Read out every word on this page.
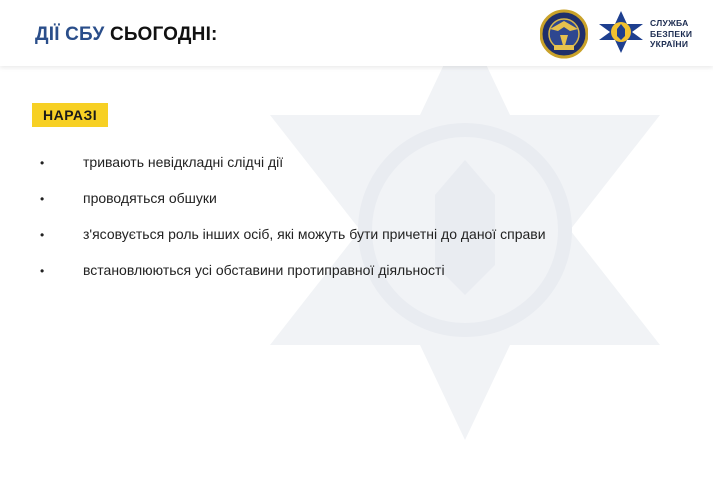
ДІЇ СБУ СЬОГОДНІ:
СЛУЖБА
БЕЗПЕКИ
УКРАЇНИ
НАРАЗІ
•	тривають невідкладні слідчі дії
•	проводяться обшуки
•	з'ясовується роль інших осіб, які можуть бути причетні до даної справи
•	встановлюються усі обставини протиправної діяльності
